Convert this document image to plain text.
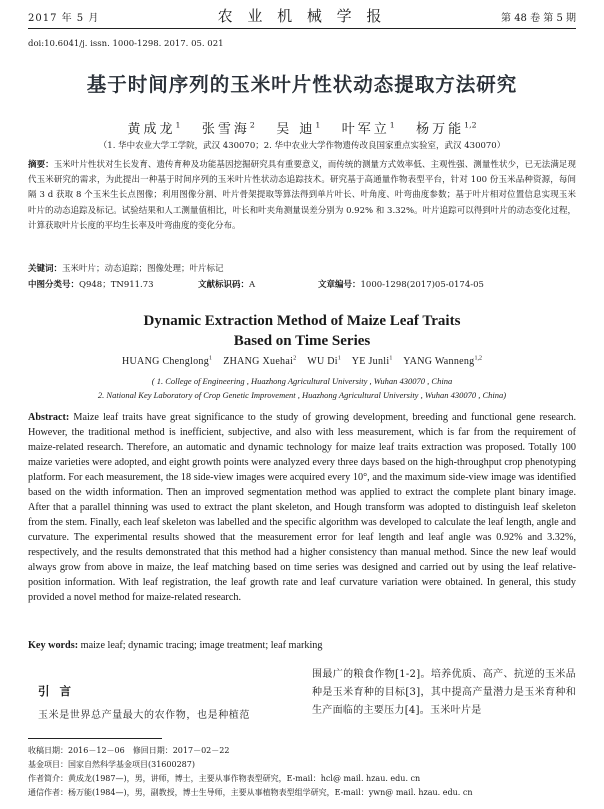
2017 年 5 月	农 业 机 械 学 报	第 48 卷 第 5 期
doi:10.6041/j. issn. 1000-1298. 2017. 05. 021
基于时间序列的玉米叶片性状动态提取方法研究
黄成龙$^1$ 张雪海$^2$ 吴 迪$^1$ 叶军立$^1$ 杨万能$^{1,2}$
（1. 华中农业大学工学院，武汉 430070；2. 华中农业大学作物遗传改良国家重点实验室，武汉 430070）
摘要：玉米叶片性状对生长发育、遗传育种及功能基因挖掘研究具有重要意义，而传统的测量方式效率低、主观性强、测量性状少，已无法满足现代玉米研究的需求，为此提出一种基于时间序列的玉米叶片性状动态追踪技术。研究基于高通量作物表型平台，针对 100 份玉米品种资源，每间隔 3 d 获取 8 个玉米生长点图像；利用图像分割、叶片骨架提取等算法得到单片叶长、叶角度、叶弯曲度参数；基于叶片相对位置信息实现玉米叶片的动态追踪及标记。试验结果和人工测量值相比，叶长和叶夹角测量误差分别为 0.92% 和 3.32%。叶片追踪可以得到叶片的动态变化过程，计算获取叶片长度的平均生长率及叶弯曲度的变化分布。
关键词：玉米叶片；动态追踪；图像处理；叶片标记
中图分类号：Q948；TN911.73	文献标识码：A	文章编号：1000-1298(2017)05-0174-05
Dynamic Extraction Method of Maize Leaf Traits
Based on Time Series
HUANG Chenglong$^1$ ZHANG Xuehai$^2$ WU Di$^1$ YE Junli$^1$ YANG Wanneng$^{1,2}$
( 1. College of Engineering , Huazhong Agricultural University , Wuhan 430070 , China
2. National Key Laboratory of Crop Genetic Improvement , Huazhong Agricultural University , Wuhan 430070 , China)
Abstract: Maize leaf traits have great significance to the study of growing development, breeding and functional gene research. However, the traditional method is inefficient, subjective, and also with less measurement, which is far from the requirement of maize-related research. Therefore, an automatic and dynamic technology for maize leaf traits extraction was proposed. Totally 100 maize varieties were adopted, and eight growth points were analyzed every three days based on the high-throughput crop phenotyping platform. For each measurement, the 18 side-view images were acquired every 10°, and the maximum side-view image was identified based on the width information. Then an improved segmentation method was applied to extract the complete plant binary image. After that a parallel thinning was used to extract the plant skeleton, and Hough transform was adopted to distinguish leaf skeleton from the stem. Finally, each leaf skeleton was labelled and the specific algorithm was developed to calculate the leaf length, angle and curvature. The experimental results showed that the measurement error for leaf length and leaf angle was 0.92% and 3.32%, respectively, and the results demonstrated that this method had a higher consistency than manual method. Since the new leaf would always grow from above in maize, the leaf matching based on time series was designed and carried out by using the leaf relative-position information. With leaf registration, the leaf growth rate and leaf curvature variation were obtained. In general, this study provided a novel method for maize-related research.
Key words: maize leaf; dynamic tracing; image treatment; leaf marking
引 言
玉米是世界总产量最大的农作物，也是种植范
围最广的粮食作物[1-2]。培养优质、高产、抗逆的玉米品种是玉米育种的目标[3]，其中提高产量潜力是玉米育种和生产面临的主要压力[4]。玉米叶片是
收稿日期：2016－12－06　修回日期：2017－02－22
基金项目：国家自然科学基金项目(31600287)
作者简介：黄成龙(1987—)，男，讲师，博士，主要从事作物表型研究，E-mail：hcl@ mail. hzau. edu. cn
通信作者：杨万能(1984—)，男，副教授，博士生导师，主要从事植物表型组学研究，E-mail：ywn@ mail. hzau. edu. cn
